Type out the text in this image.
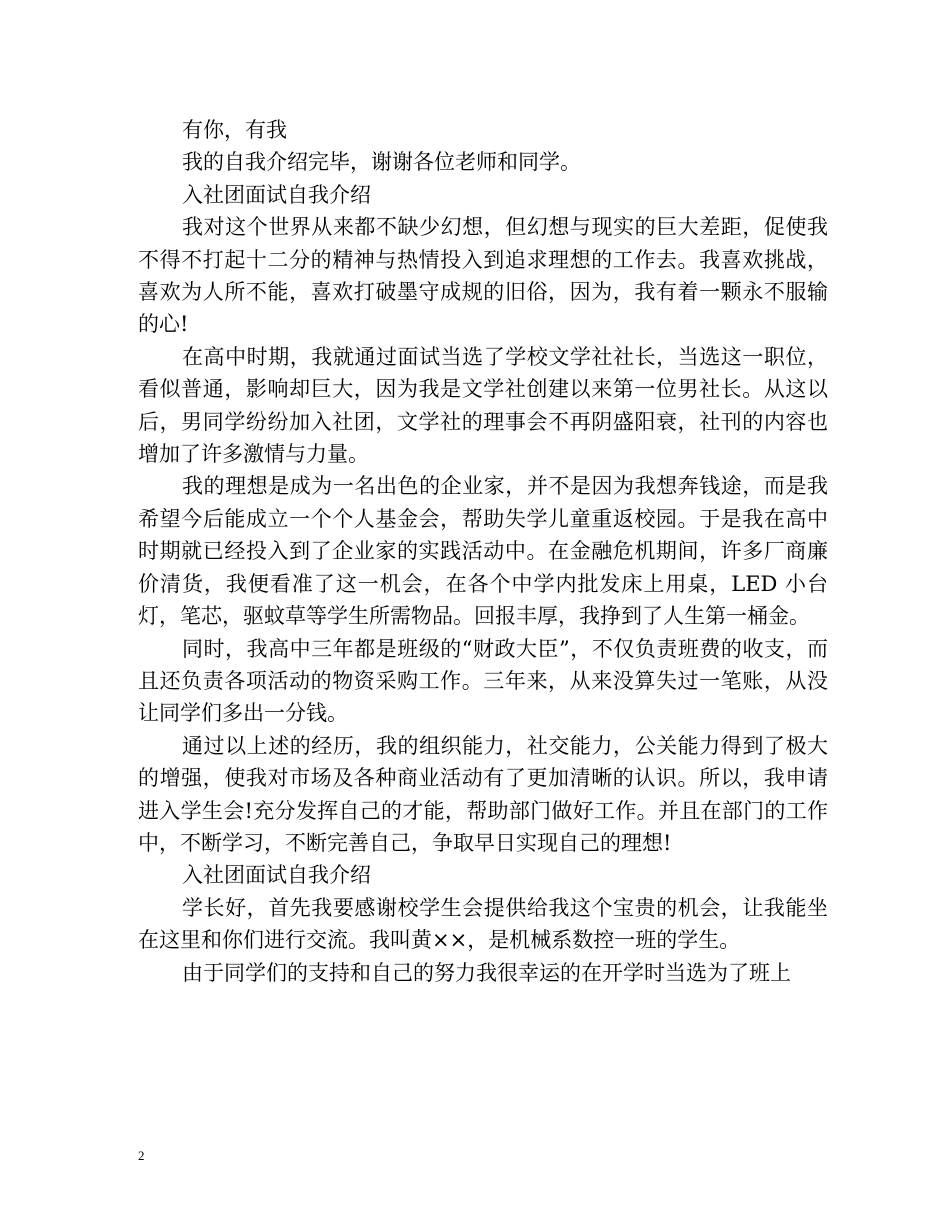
有你，有我

我的自我介绍完毕，谢谢各位老师和同学。

入社团面试自我介绍

我对这个世界从来都不缺少幻想，但幻想与现实的巨大差距，促使我不得不打起十二分的精神与热情投入到追求理想的工作去。我喜欢挑战，喜欢为人所不能，喜欢打破墨守成规的旧俗，因为，我有着一颗永不服输的心!

在高中时期，我就通过面试当选了学校文学社社长，当选这一职位，看似普通，影响却巨大，因为我是文学社创建以来第一位男社长。从这以后，男同学纷纷加入社团，文学社的理事会不再阴盛阳衰，社刊的内容也增加了许多激情与力量。

我的理想是成为一名出色的企业家，并不是因为我想奔钱途，而是我希望今后能成立一个个人基金会，帮助失学儿童重返校园。于是我在高中时期就已经投入到了企业家的实践活动中。在金融危机期间，许多厂商廉价清货，我便看准了这一机会，在各个中学内批发床上用桌，LED 小台灯，笔芯，驱蚊草等学生所需物品。回报丰厚，我挣到了人生第一桶金。

同时，我高中三年都是班级的“财政大臣”，不仅负责班费的收支，而且还负责各项活动的物资采购工作。三年来，从来没算失过一笔账，从没让同学们多出一分钱。

通过以上述的经历，我的组织能力，社交能力，公关能力得到了极大的增强，使我对市场及各种商业活动有了更加清晰的认识。所以，我申请进入学生会!充分发挥自己的才能，帮助部门做好工作。并且在部门的工作中，不断学习，不断完善自己，争取早日实现自己的理想!

入社团面试自我介绍

学长好，首先我要感谢校学生会提供给我这个宝贵的机会，让我能坐在这里和你们进行交流。我叫黄××，是机械系数控一班的学生。

由于同学们的支持和自己的努力我很幸运的在开学时当选为了班上

2
